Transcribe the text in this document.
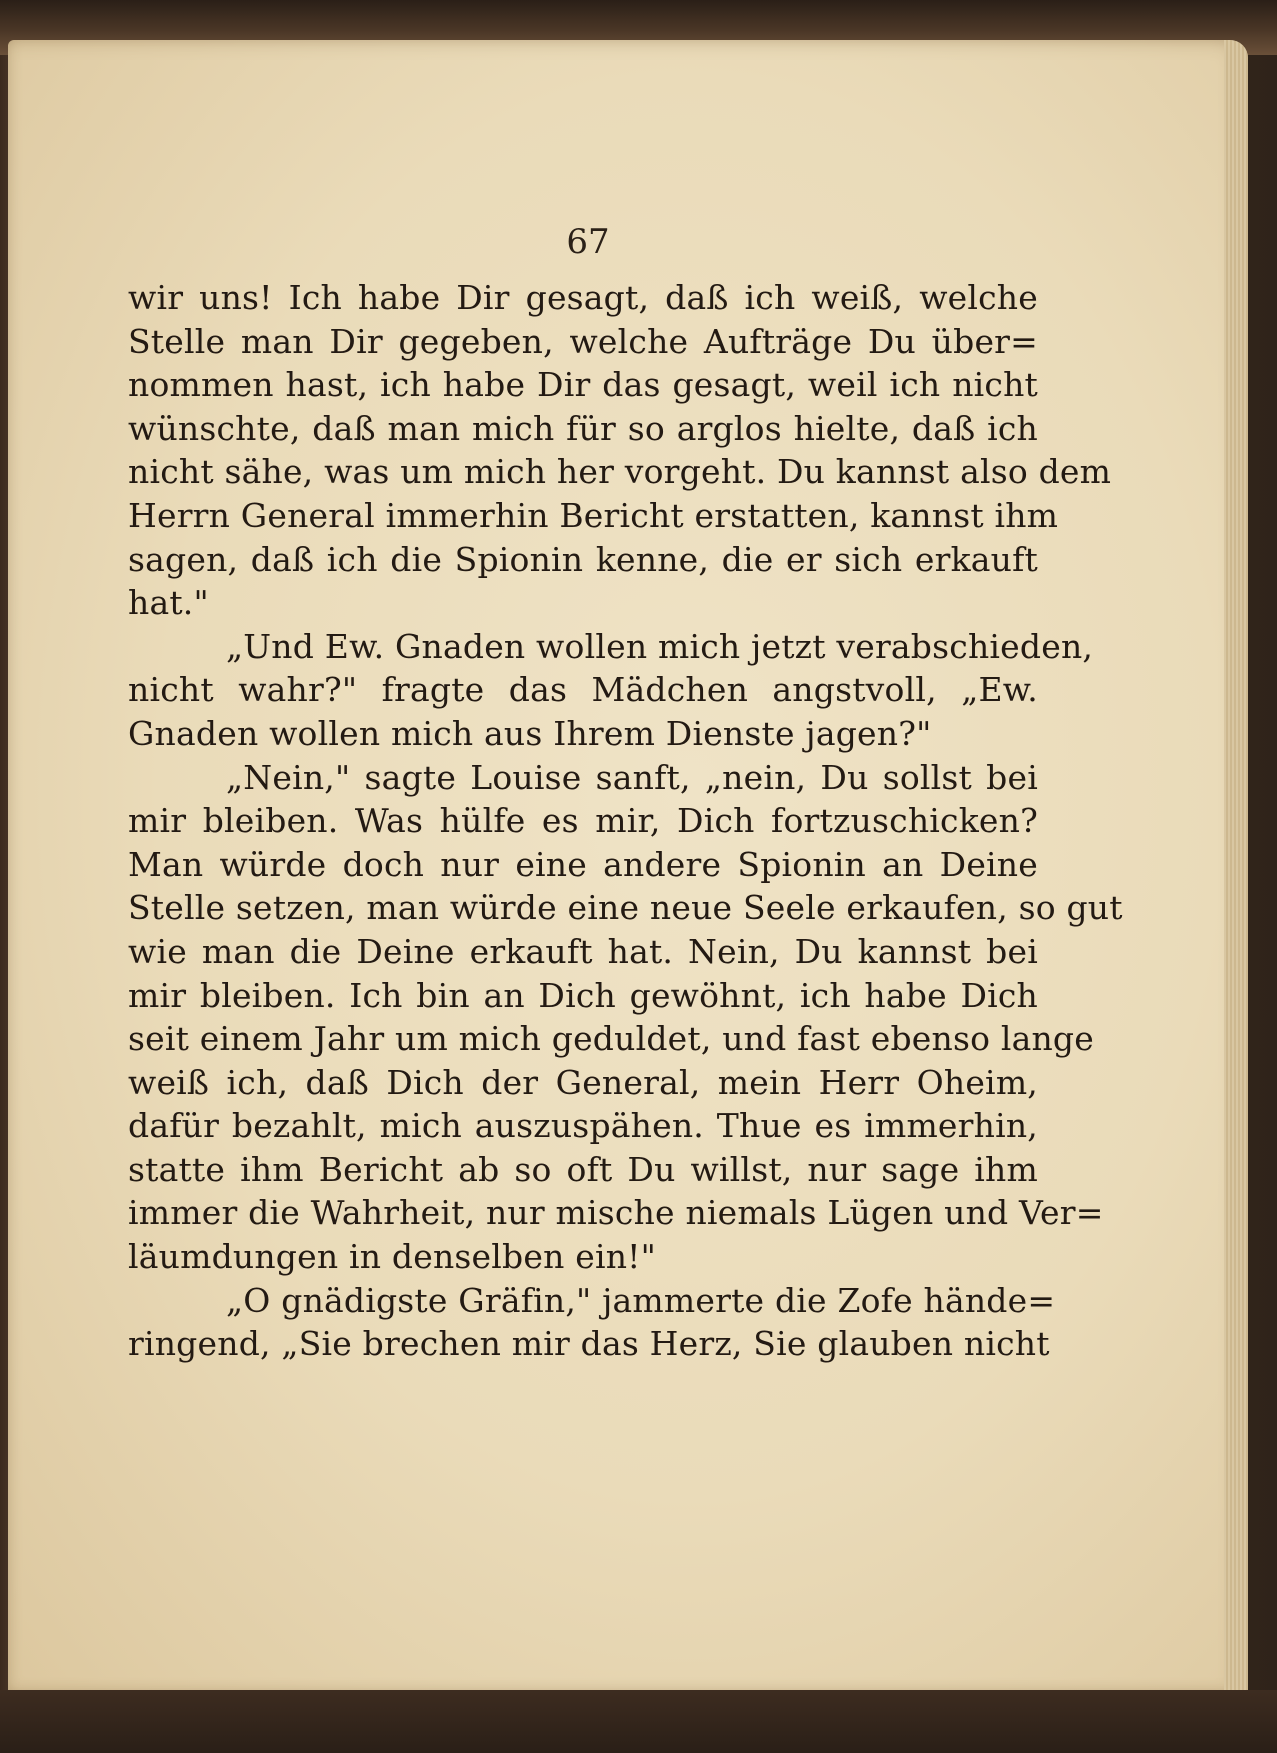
67
wir uns! Ich habe Dir gesagt, daß ich weiß, welche
Stelle man Dir gegeben, welche Aufträge Du über=
nommen hast, ich habe Dir das gesagt, weil ich nicht
wünschte, daß man mich für so arglos hielte, daß ich
nicht sähe, was um mich her vorgeht. Du kannst also dem
Herrn General immerhin Bericht erstatten, kannst ihm
sagen, daß ich die Spionin kenne, die er sich erkauft
hat."
„Und Ew. Gnaden wollen mich jetzt verabschieden,
nicht wahr?" fragte das Mädchen angstvoll, „Ew.
Gnaden wollen mich aus Ihrem Dienste jagen?"
„Nein," sagte Louise sanft, „nein, Du sollst bei
mir bleiben. Was hülfe es mir, Dich fortzuschicken?
Man würde doch nur eine andere Spionin an Deine
Stelle setzen, man würde eine neue Seele erkaufen, so gut
wie man die Deine erkauft hat. Nein, Du kannst bei
mir bleiben. Ich bin an Dich gewöhnt, ich habe Dich
seit einem Jahr um mich geduldet, und fast ebenso lange
weiß ich, daß Dich der General, mein Herr Oheim,
dafür bezahlt, mich auszuspähen. Thue es immerhin,
statte ihm Bericht ab so oft Du willst, nur sage ihm
immer die Wahrheit, nur mische niemals Lügen und Ver=
läumdungen in denselben ein!"
„O gnädigste Gräfin," jammerte die Zofe hände=
ringend, „Sie brechen mir das Herz, Sie glauben nicht
